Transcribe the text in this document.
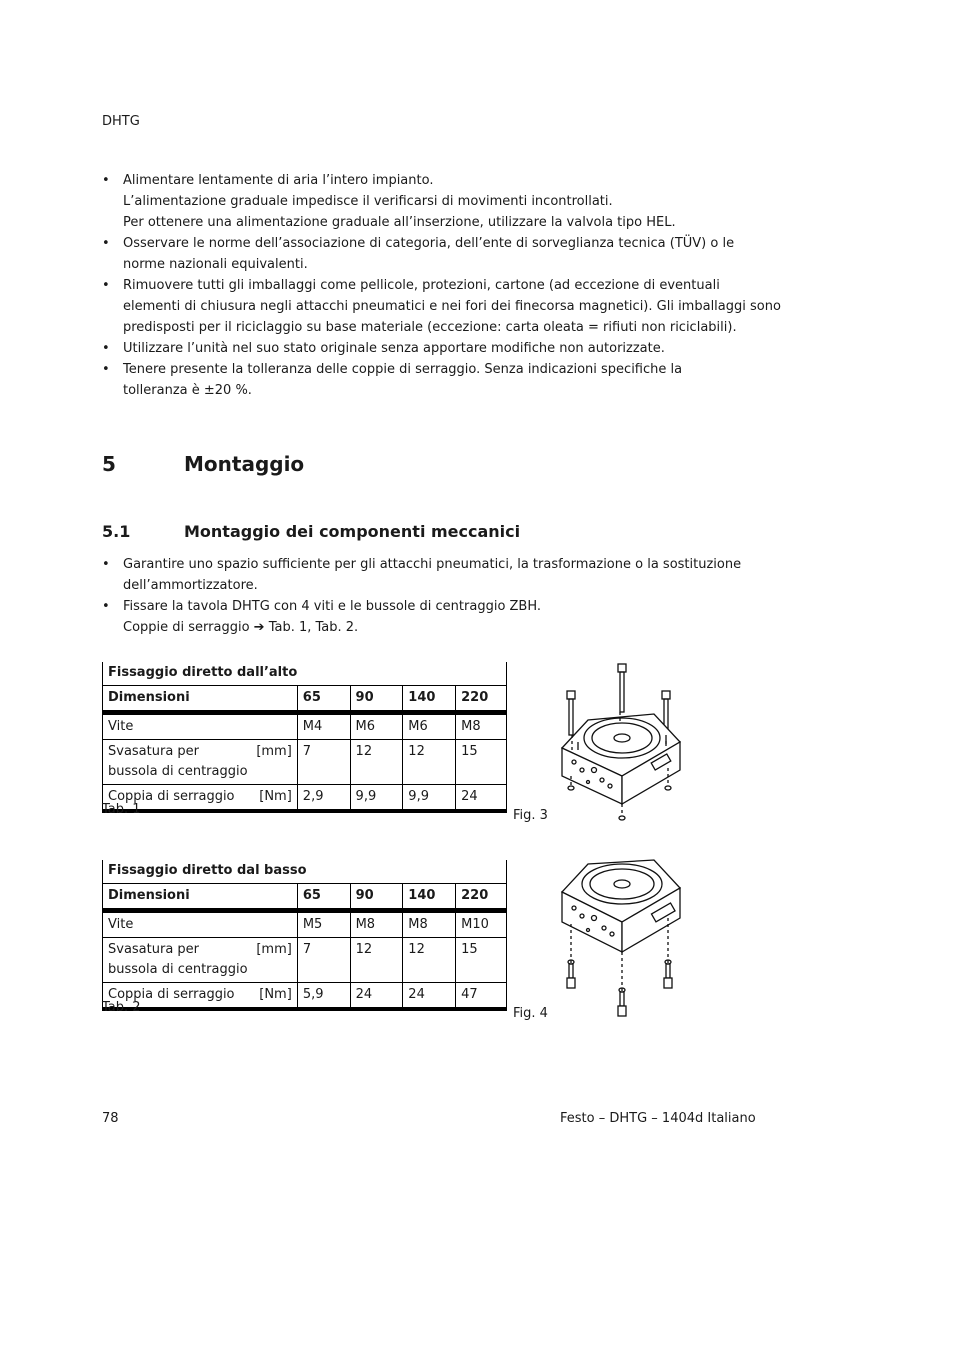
DHTG
• Alimentare lentamente di aria l’intero impianto.
L’alimentazione graduale impedisce il verificarsi di movimenti incontrollati.
Per ottenere una alimentazione graduale all’inserzione, utilizzare la valvola tipo HEL.
• Osservare le norme dell’associazione di categoria, dell’ente di sorveglianza tecnica (TÜV) o le
norme nazionali equivalenti.
• Rimuovere tutti gli imballaggi come pellicole, protezioni, cartone (ad eccezione di eventuali
elementi di chiusura negli attacchi pneumatici e nei fori dei finecorsa magnetici). Gli imballaggi sono
predisposti per il riciclaggio su base materiale (eccezione: carta oleata = rifiuti non riciclabili).
• Utilizzare l’unità nel suo stato originale senza apportare modifiche non autorizzate.
• Tenere presente la tolleranza delle coppie di serraggio. Senza indicazioni specifiche la
tolleranza è ±20 %.
5	Montaggio
5.1	Montaggio dei componenti meccanici
• Garantire uno spazio sufficiente per gli attacchi pneumatici, la trasformazione o la sostituzione
dell’ammortizzatore.
• Fissare la tavola DHTG con 4 viti e le bussole di centraggio ZBH.
Coppie di serraggio ➔ Tab. 1, Tab. 2.
Fissaggio diretto dall’alto				
Dimensioni	65	90	140	220
Vite	M4	M6	M6	M8

Svasatura per
bussola di centraggio
[mm]	7	12	12	15

Coppia di serraggio [Nm]	2,9	9,9	9,9	24
Tab. 1	Fig. 3
Fissaggio diretto dal basso				
Dimensioni	65	90	140	220
Vite	M5	M8	M8	M10

Svasatura per
bussola di centraggio
[mm]	7	12	12	15

Coppia di serraggio [Nm]	5,9	24	24	47
Tab. 2	Fig. 4
78	Festo – DHTG – 1404d Italiano
